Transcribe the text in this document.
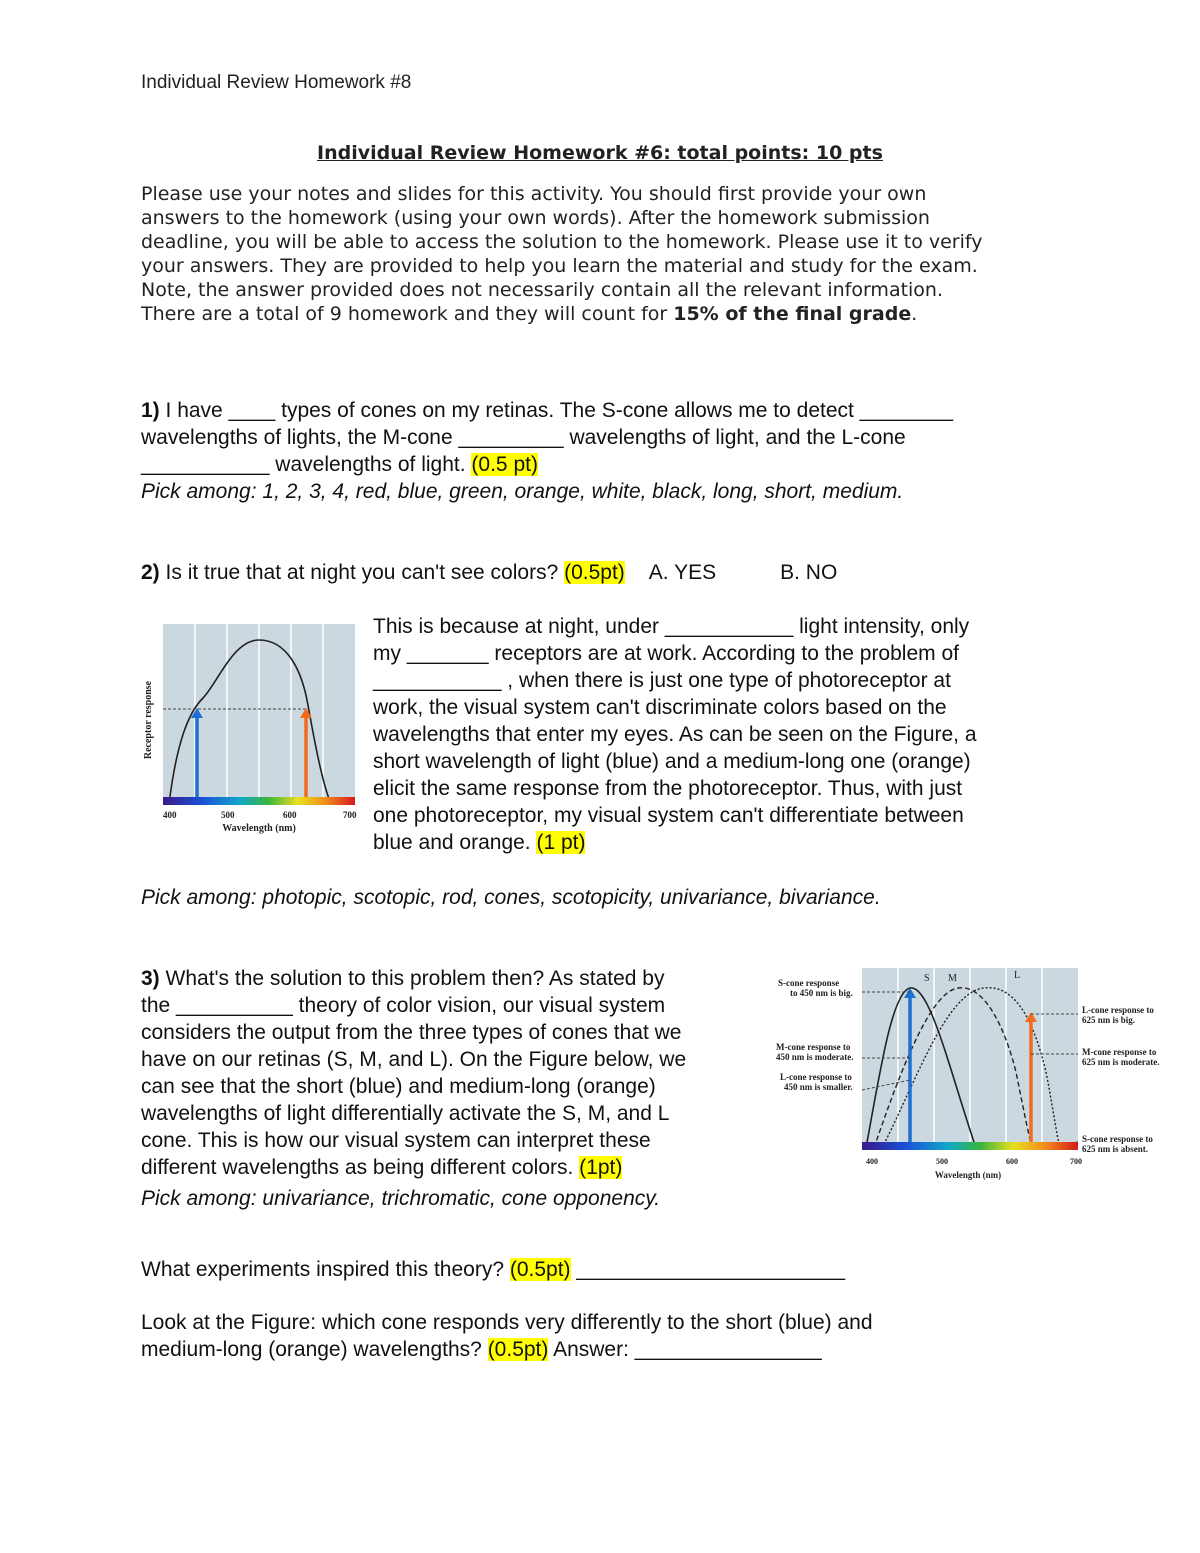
Individual Review Homework #8
Individual Review Homework #6: total points: 10 pts

Please use your notes and slides for this activity. You should first provide your own

answers to the homework (using your own words). After the homework submission

deadline, you will be able to access the solution to the homework. Please use it to verify

your answers. They are provided to help you learn the material and study for the exam.

Note, the answer provided does not necessarily contain all the relevant information.

There are a total of 9 homework and they will count for 15% of the final grade.

1) I have ____ types of cones on my retinas. The S-cone allows me to detect ________

wavelengths of lights, the M-cone _________ wavelengths of light, and the L-cone

___________ wavelengths of light. (0.5 pt)

Pick among: 1, 2, 3, 4, red, blue, green, orange, white, black, long, short, medium.

2) Is it true that at night you can't see colors? (0.5pt) A. YES	B. NO

This is because at night, under ___________ light intensity, only

my _______ receptors are at work. According to the problem of

___________ , when there is just one type of photoreceptor at

work, the visual system can't discriminate colors based on the

wavelengths that enter my eyes. As can be seen on the Figure, a

short wavelength of light (blue) and a medium-long one (orange)

elicit the same response from the photoreceptor. Thus, with just

one photoreceptor, my visual system can't differentiate between

blue and orange. (1 pt)

Receptor response
400	500	600	700
Wavelength (nm)
Pick among: photopic, scotopic, rod, cones, scotopicity, univariance, bivariance.

3) What's the solution to this problem then? As stated by

the __________ theory of color vision, our visual system

considers the output from the three types of cones that we

have on our retinas (S, M, and L). On the Figure below, we

can see that the short (blue) and medium-long (orange)

wavelengths of light differentially activate the S, M, and L

cone. This is how our visual system can interpret these

different wavelengths as being different colors. (1pt)

Pick among: univariance, trichromatic, cone opponency.

S M	L
S-cone response
to 450 nm is big.
M-cone response to
450 nm is moderate.
L-cone response to
450 nm is smaller.
L-cone response to
625 nm is big.
M-cone response to
625 nm is moderate.
S-cone response to
625 nm is absent.
400	500	600	700
Wavelength (nm)

What experiments inspired this theory? (0.5pt) _______________________

Look at the Figure: which cone responds very differently to the short (blue) and

medium-long (orange) wavelengths? (0.5pt) Answer: ________________
